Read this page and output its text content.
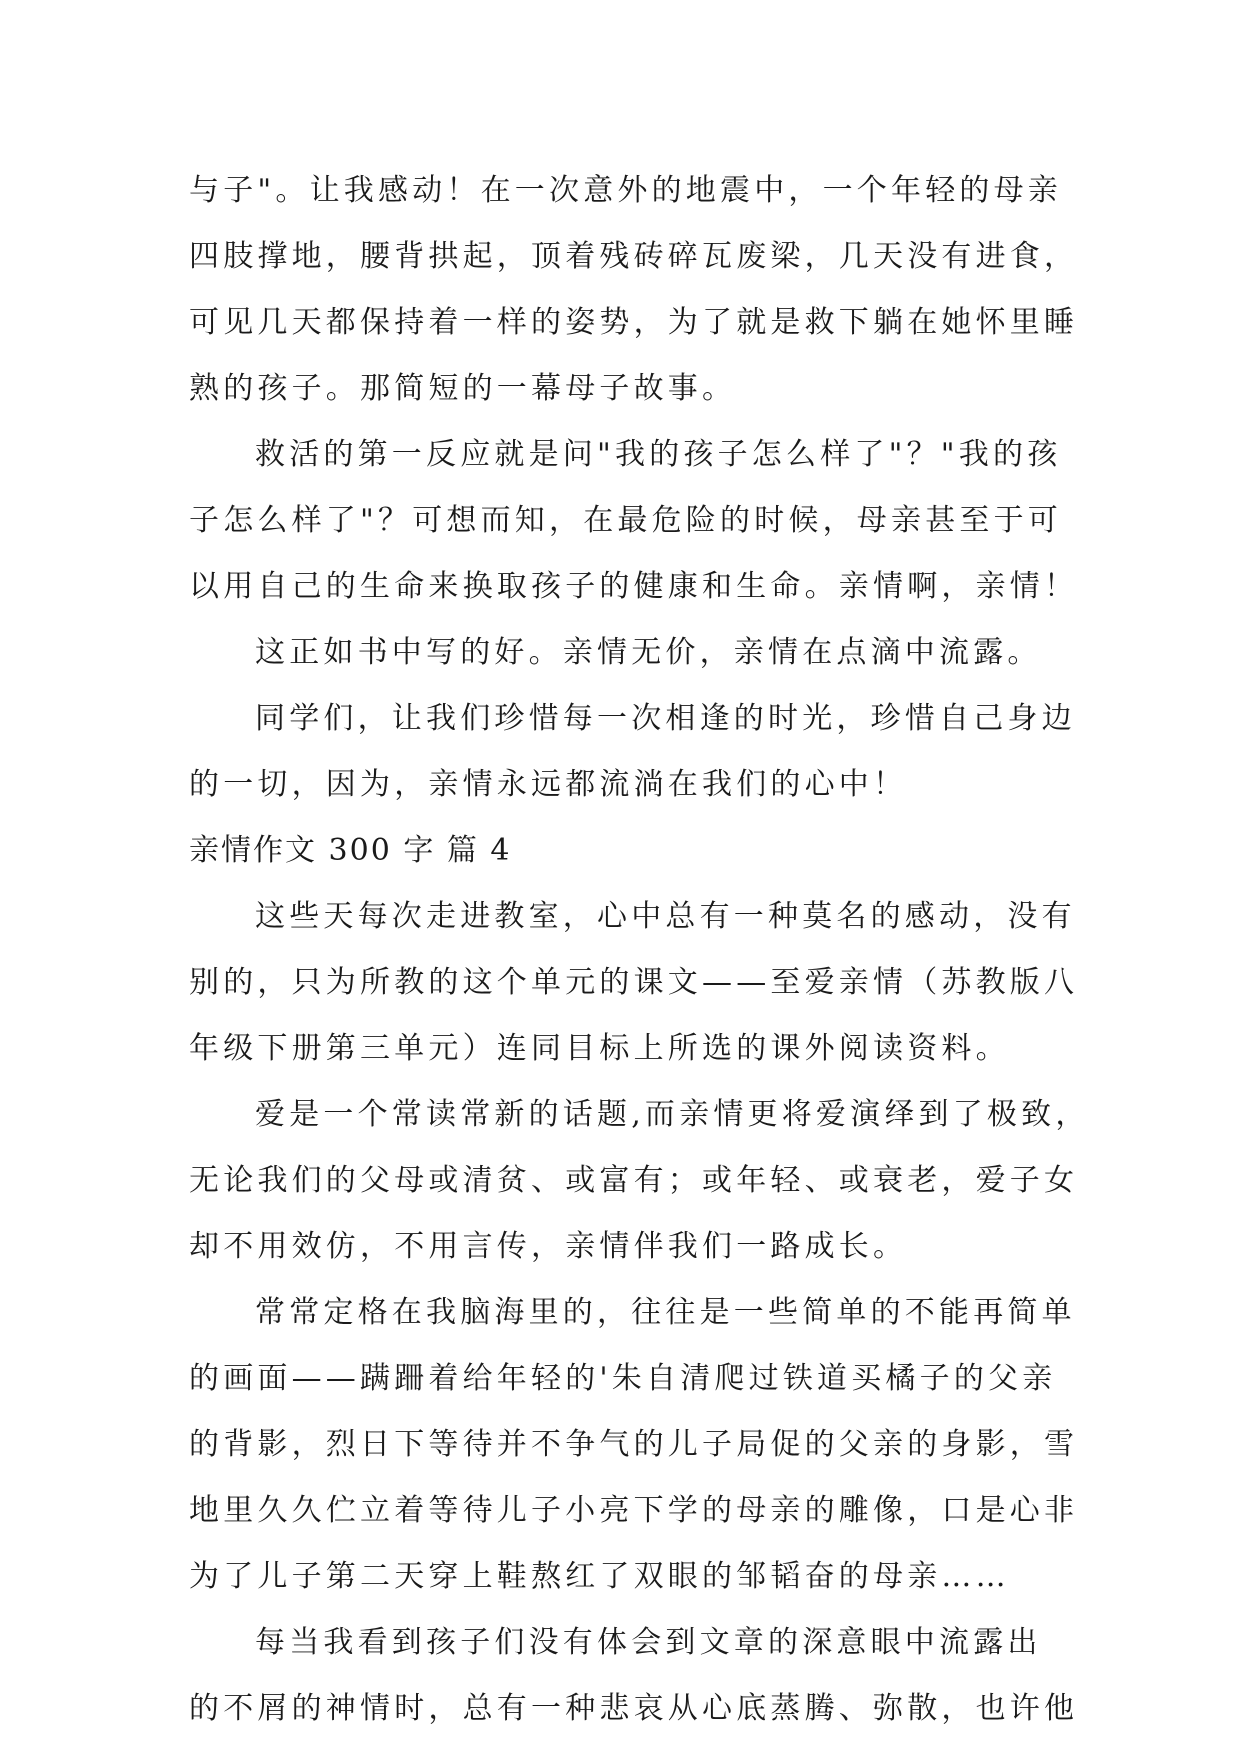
与子"。让我感动！在一次意外的地震中，一个年轻的母亲
四肢撑地，腰背拱起，顶着残砖碎瓦废梁，几天没有进食，
可见几天都保持着一样的姿势，为了就是救下躺在她怀里睡
熟的孩子。那简短的一幕母子故事。
救活的第一反应就是问"我的孩子怎么样了"？"我的孩
子怎么样了"？可想而知，在最危险的时候，母亲甚至于可
以用自己的生命来换取孩子的健康和生命。亲情啊，亲情！
这正如书中写的好。亲情无价，亲情在点滴中流露。
同学们，让我们珍惜每一次相逢的时光，珍惜自己身边
的一切，因为，亲情永远都流淌在我们的心中！
亲情作文 300 字 篇 4
这些天每次走进教室，心中总有一种莫名的感动，没有
别的，只为所教的这个单元的课文——至爱亲情（苏教版八
年级下册第三单元）连同目标上所选的课外阅读资料。
爱是一个常读常新的话题,而亲情更将爱演绎到了极致，
无论我们的父母或清贫、或富有；或年轻、或衰老，爱子女
却不用效仿，不用言传，亲情伴我们一路成长。
常常定格在我脑海里的，往往是一些简单的不能再简单
的画面——蹒跚着给年轻的'朱自清爬过铁道买橘子的父亲
的背影，烈日下等待并不争气的儿子局促的父亲的身影，雪
地里久久伫立着等待儿子小亮下学的母亲的雕像，口是心非
为了儿子第二天穿上鞋熬红了双眼的邹韬奋的母亲……
每当我看到孩子们没有体会到文章的深意眼中流露出
的不屑的神情时，总有一种悲哀从心底蒸腾、弥散，也许他
